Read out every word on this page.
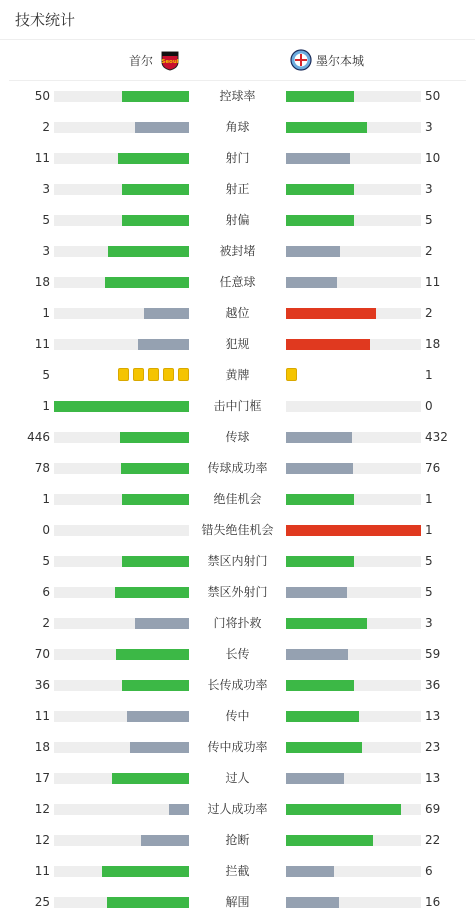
技术统计
首尔 Seoul	墨尔本城
50	控球率	50
2	角球	3
11	射门	10
3	射正	3
5	射偏	5
3	被封堵	2
18	任意球	11
1	越位	2
11	犯规	18
5	黄牌	1
1	击中门框	0
446	传球	432
78	传球成功率	76
1	绝佳机会	1
0	错失绝佳机会	1
5	禁区内射门	5
6	禁区外射门	5
2	门将扑救	3
70	长传	59
36	长传成功率	36
11	传中	13
18	传中成功率	23
17	过人	13
12	过人成功率	69
12	抢断	22
11	拦截	6
25	解围	16
